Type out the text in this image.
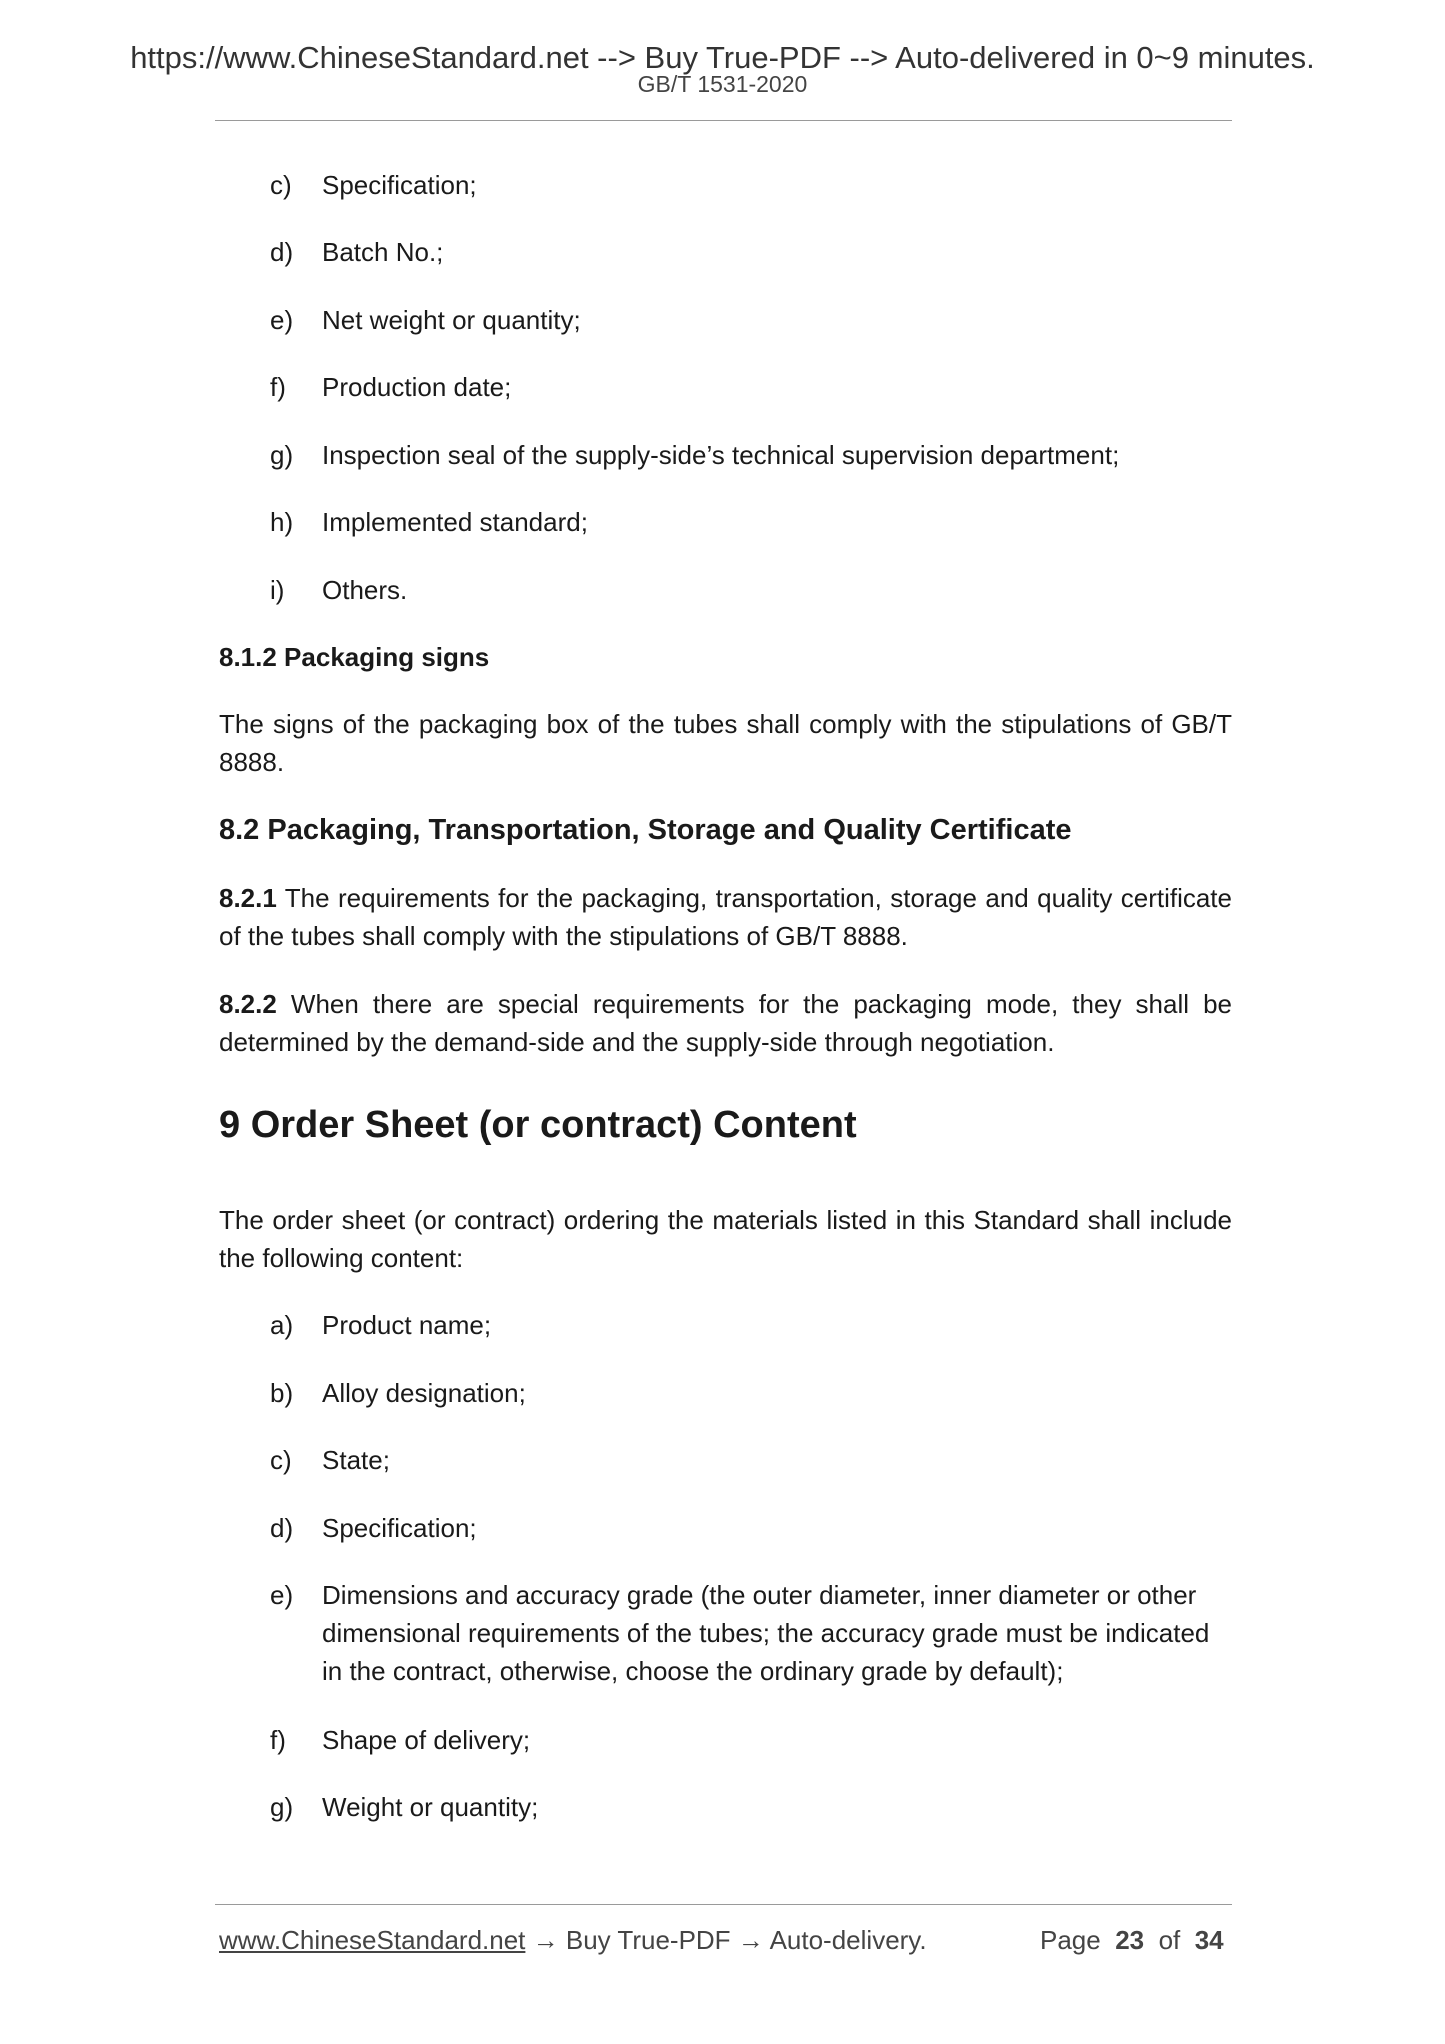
https://www.ChineseStandard.net --> Buy True-PDF --> Auto-delivered in 0~9 minutes.
GB/T 1531-2020
c) Specification;
d) Batch No.;
e) Net weight or quantity;
f) Production date;
g) Inspection seal of the supply-side’s technical supervision department;
h) Implemented standard;
i) Others.
8.1.2 Packaging signs
The signs of the packaging box of the tubes shall comply with the stipulations of GB/T 8888.
8.2 Packaging, Transportation, Storage and Quality Certificate
8.2.1 The requirements for the packaging, transportation, storage and quality certificate of the tubes shall comply with the stipulations of GB/T 8888.
8.2.2 When there are special requirements for the packaging mode, they shall be determined by the demand-side and the supply-side through negotiation.
9 Order Sheet (or contract) Content
The order sheet (or contract) ordering the materials listed in this Standard shall include the following content:
a) Product name;
b) Alloy designation;
c) State;
d) Specification;
e) Dimensions and accuracy grade (the outer diameter, inner diameter or other dimensional requirements of the tubes; the accuracy grade must be indicated in the contract, otherwise, choose the ordinary grade by default);
f) Shape of delivery;
g) Weight or quantity;
www.ChineseStandard.net → Buy True-PDF → Auto-delivery.	Page 23 of 34
